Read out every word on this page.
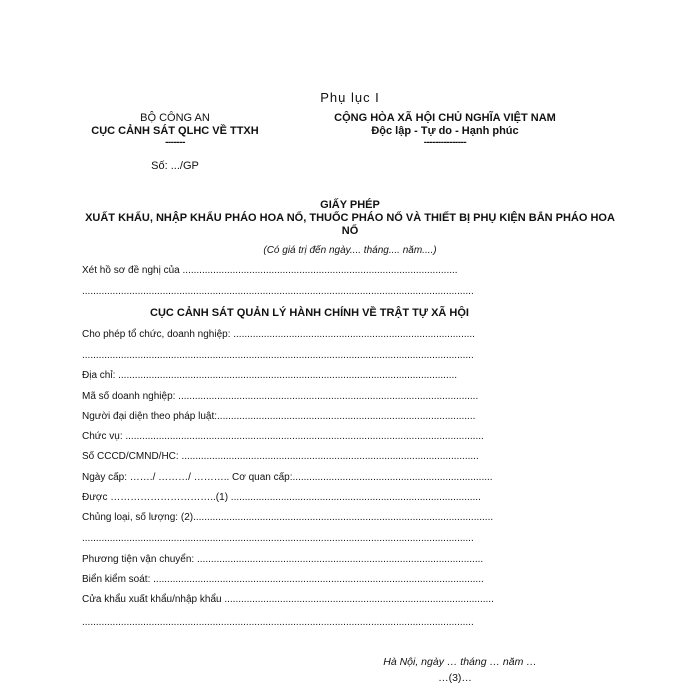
Phụ lục I
BỘ CÔNG AN
CỤC CẢNH SÁT QLHC VỀ TTXH
-------
Số: .../GP
CỘNG HÒA XÃ HỘI CHỦ NGHĨA VIỆT NAM
Độc lập - Tự do - Hạnh phúc
---------------
GIẤY PHÉP
XUẤT KHẨU, NHẬP KHẨU PHÁO HOA NỔ, THUỐC PHÁO NỔ VÀ THIẾT BỊ PHỤ KIỆN BẮN PHÁO HOA NỔ
(Có giá trị đến ngày.... tháng.... năm....)
Xét hồ sơ đề nghị của ...................................................................................................
.............................................................................................................................................
CỤC CẢNH SÁT QUẢN LÝ HÀNH CHÍNH VỀ TRẬT TỰ XÃ HỘI
Cho phép tổ chức, doanh nghiệp: .......................................................................................
.............................................................................................................................................
Địa chỉ: ..........................................................................................................................
Mã số doanh nghiệp: ............................................................................................................
Người đại diện theo pháp luật:.............................................................................................
Chức vụ: .................................................................................................................................
Số CCCD/CMND/HC: ...........................................................................................................
Ngày cấp: ……./ ………/ ……….. Cơ quan cấp:........................................................................
Được …………………………..(1) ..........................................................................................
Chủng loại, số lượng: (2)............................................................................................................
.............................................................................................................................................
Phương tiện vận chuyển: .......................................................................................................
Biển kiểm soát: .......................................................................................................................
Cửa khẩu xuất khẩu/nhập khẩu .................................................................................................
.............................................................................................................................................
Hà Nội, ngày … tháng … năm …
…(3)…
